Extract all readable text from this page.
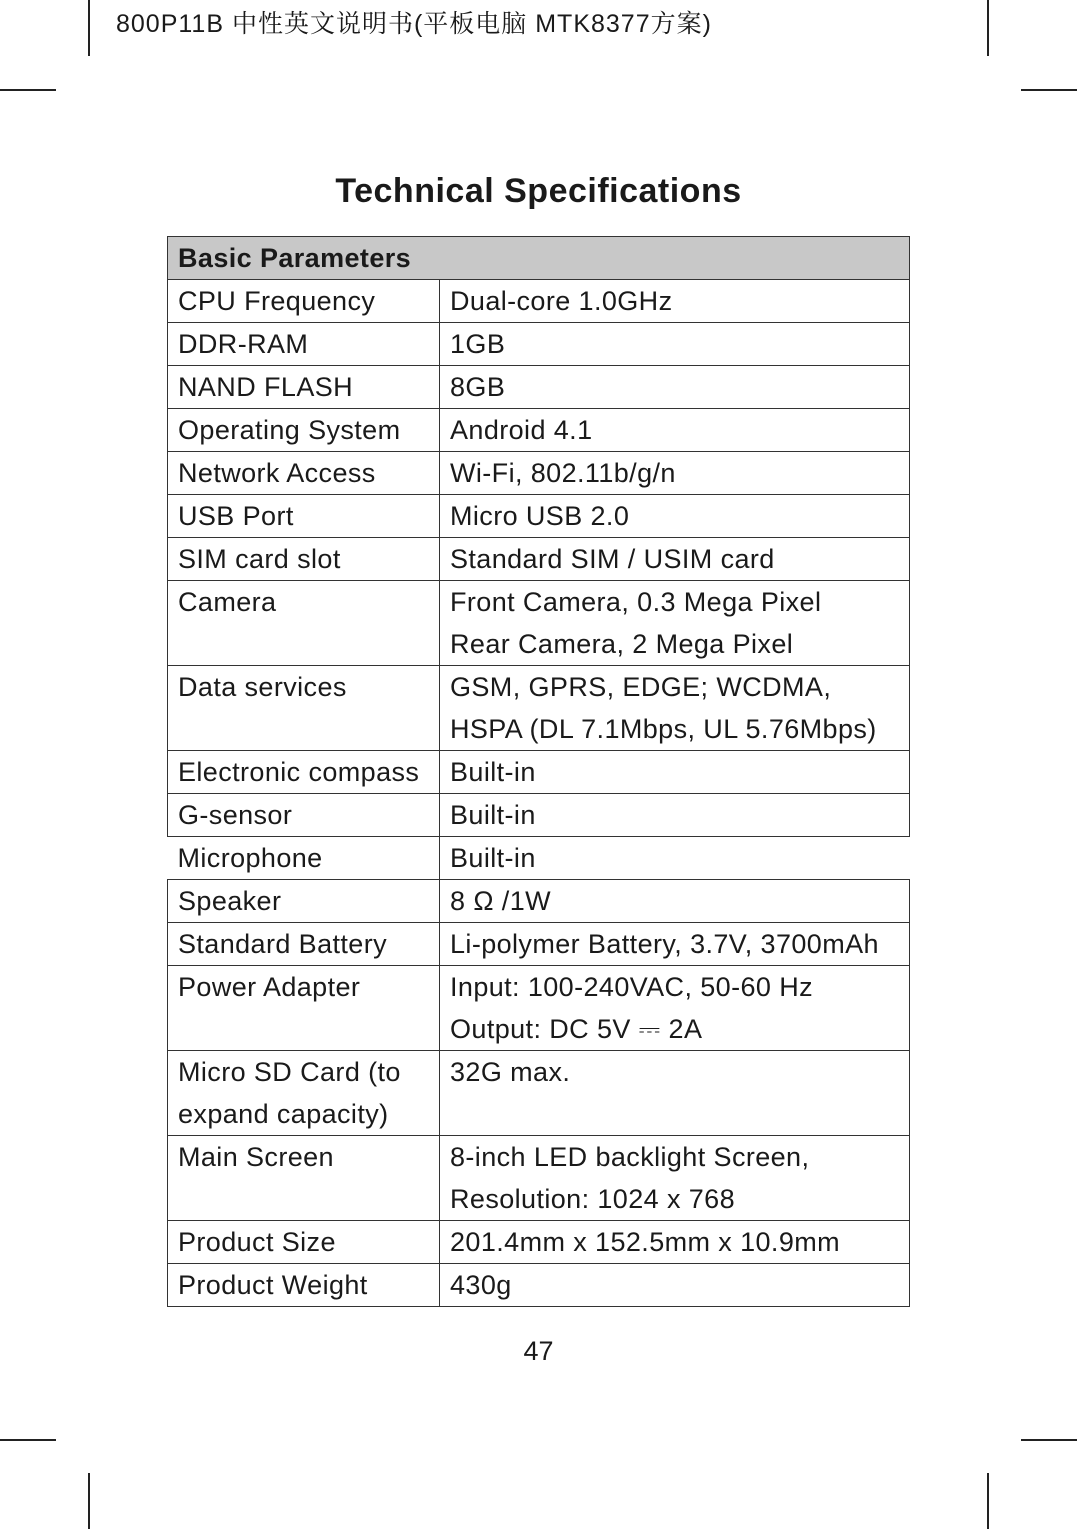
800P11B 中性英文说明书(平板电脑 MTK8377方案)
Technical Specifications
Basic Parameters	

CPU Frequency	Dual-core 1.0GHz

DDR-RAM	1GB

NAND FLASH	8GB

Operating System	Android 4.1

Network Access	Wi-Fi, 802.11b/g/n

USB Port	Micro USB 2.0

SIM card slot	Standard SIM / USIM card

Camera	Front Camera, 0.3 Mega Pixel
Rear Camera, 2 Mega Pixel

Data services	GSM, GPRS, EDGE; WCDMA,
HSPA (DL 7.1Mbps, UL 5.76Mbps)

Electronic compass	Built-in

G-sensor	Built-in

Microphone	Built-in

Speaker	8 Ω /1W

Standard Battery	Li-polymer Battery, 3.7V, 3700mAh

Power Adapter	Input: 100-240VAC, 50-60 Hz
Output: DC 5V ⎓ 2A

Micro SD Card (to
expand capacity)	32G max.

Main Screen	8-inch LED backlight Screen,
Resolution: 1024 x 768

Product Size	201.4mm x 152.5mm x 10.9mm

Product Weight	430g
47
